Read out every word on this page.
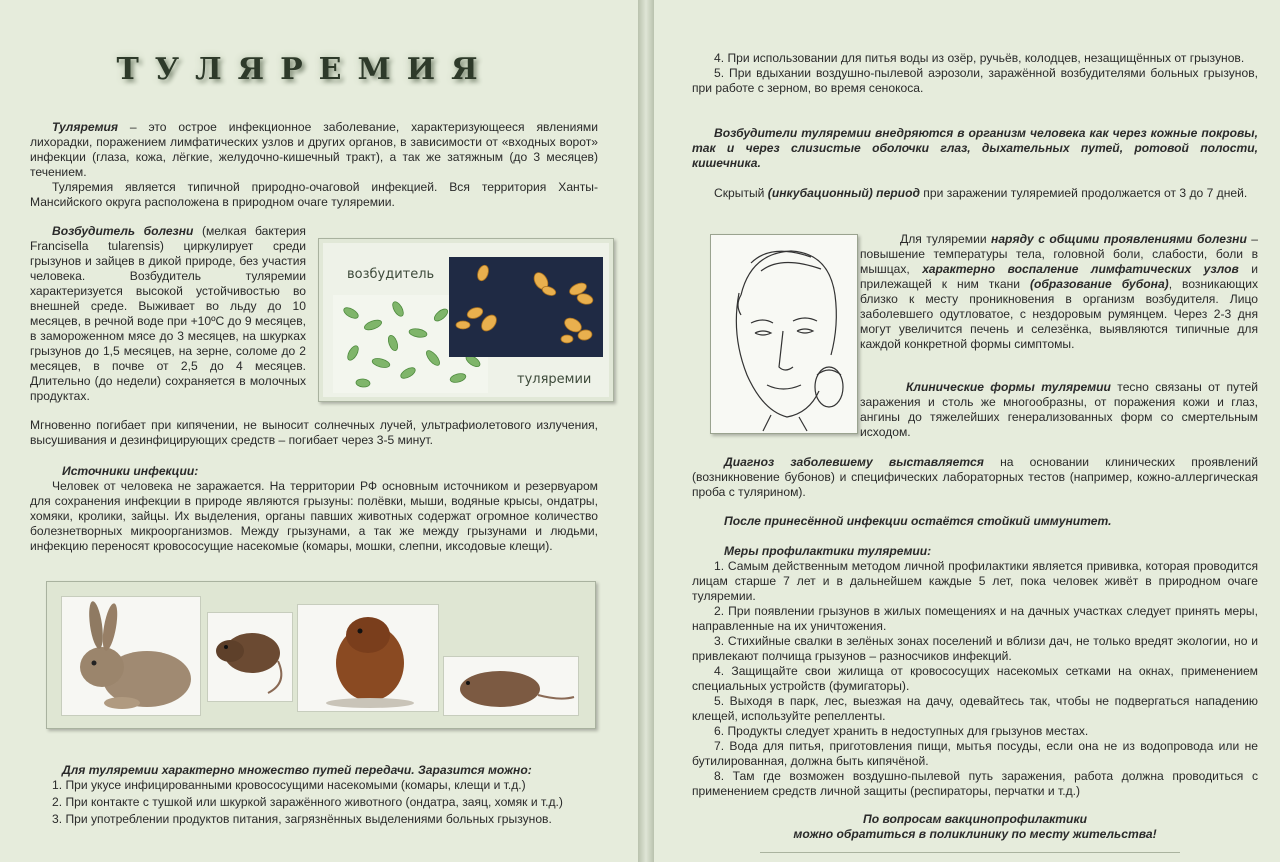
ТУЛЯРЕМИЯ

Туляремия – это острое инфекционное заболевание, характеризующееся явлениями лихорадки, поражением лимфатических узлов и других органов, в зависимости от «входных ворот» инфекции (глаза, кожа, лёгкие, желудочно-кишечный тракт), а так же затяжным (до 3 месяцев) течением.

Туляремия является типичной природно-очаговой инфекцией. Вся территория Ханты-Мансийского округа расположена в природном очаге туляремии.

Возбудитель болезни (мелкая бактерия Francisella tularensis) циркулирует среди грызунов и зайцев в дикой природе, без участия человека. Возбудитель туляремии характеризуется высокой устойчивостью во внешней среде. Выживает во льду до 10 месяцев, в речной воде при +10ºС до 9 месяцев, в замороженном мясе до 3 месяцев, на шкурках грызунов до 1,5 месяцев, на зерне, соломе до 2 месяцев, в почве от 2,5 до 4 месяцев. Длительно (до недели) сохраняется в молочных продуктах.

Мгновенно погибает при кипячении, не выносит солнечных лучей, ультрафиолетового излучения, высушивания и дезинфицирующих средств – погибает через 3-5 минут.

возбудитель
туляремии

Источники инфекции:

Человек от человека не заражается. На территории РФ основным источником и резервуаром для сохранения инфекции в природе являются грызуны: полёвки, мыши, водяные крысы, ондатры, хомяки, кролики, зайцы. Их выделения, органы павших животных содержат огромное количество болезнетворных микроорганизмов. Между грызунами, а так же между грызунами и людьми, инфекцию переносят кровососущие насекомые (комары, мошки, слепни, иксодовые клещи).

Для туляремии характерно множество путей передачи. Заразится можно:

1. При укусе инфицированными кровососущими насекомыми (комары, клещи и т.д.)

2. При контакте с тушкой или шкуркой заражённого животного (ондатра, заяц, хомяк и т.д.)

3. При употреблении продуктов питания, загрязнённых выделениями больных грызунов.

4. При использовании для питья воды из озёр, ручьёв, колодцев, незащищённых от грызунов.

5. При вдыхании воздушно-пылевой аэрозоли, заражённой возбудителями больных грызунов, при работе с зерном, во время сенокоса.

Возбудители туляремии внедряются в организм человека как через кожные покровы, так и через слизистые оболочки глаз, дыхательных путей, ротовой полости, кишечника.

Скрытый (инкубационный) период при заражении туляремией продолжается от 3 до 7 дней.

Для туляремии наряду с общими проявлениями болезни – повышение температуры тела, головной боли, слабости, боли в мышцах, характерно воспаление лимфатических узлов и прилежащей к ним ткани (образование бубона), возникающих близко к месту проникновения в организм возбудителя. Лицо заболевшего одутловатое, с нездоровым румянцем. Через 2-3 дня могут увеличится печень и селезёнка, выявляются типичные для каждой конкретной формы симптомы.

Клинические формы туляремии тесно связаны от путей заражения и столь же многообразны, от поражения кожи и глаз, ангины до тяжелейших генерализованных форм со смертельным исходом.

Диагноз заболевшему выставляется на основании клинических проявлений (возникновение бубонов) и специфических лабораторных тестов (например, кожно-аллергическая проба с тулярином).

После принесённой инфекции остаётся стойкий иммунитет.

Меры профилактики туляремии:

1. Самым действенным методом личной профилактики является прививка, которая проводится лицам старше 7 лет и в дальнейшем каждые 5 лет, пока человек живёт в природном очаге туляремии.

2. При появлении грызунов в жилых помещениях и на дачных участках следует принять меры, направленные на их уничтожения.

3. Стихийные свалки в зелёных зонах поселений и вблизи дач, не только вредят экологии, но и привлекают полчища грызунов – разносчиков инфекций.

4. Защищайте свои жилища от кровососущих насекомых сетками на окнах, применением специальных устройств (фумигаторы).

5. Выходя в парк, лес, выезжая на дачу, одевайтесь так, чтобы не подвергаться нападению клещей, используйте репелленты.

6. Продукты следует хранить в недоступных для грызунов местах.

7. Вода для питья, приготовления пищи, мытья посуды, если она не из водопровода или не бутилированная, должна быть кипячёной.

8. Там где возможен воздушно-пылевой путь заражения, работа должна проводиться с применением средств личной защиты (респираторы, перчатки и т.д.)

По вопросам вакцинопрофилактики

можно обратиться в поликлинику по месту жительства!
